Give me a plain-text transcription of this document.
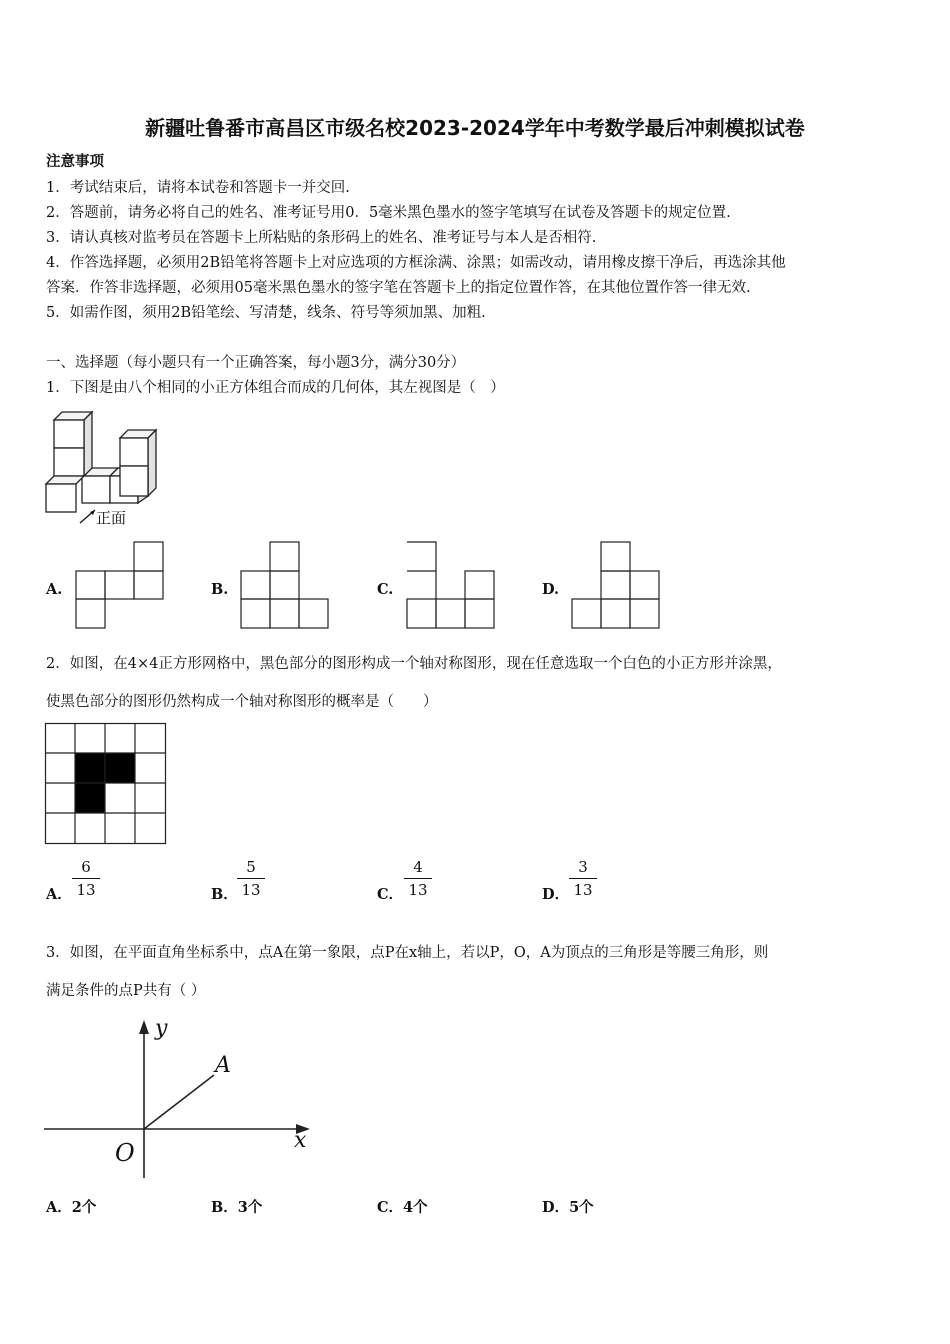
新疆吐鲁番市高昌区市级名校2023-2024学年中考数学最后冲刺模拟试卷
注意事项
1．考试结束后，请将本试卷和答题卡一并交回.
2．答题前，请务必将自己的姓名、准考证号用0．5毫米黑色墨水的签字笔填写在试卷及答题卡的规定位置.
3．请认真核对监考员在答题卡上所粘贴的条形码上的姓名、准考证号与本人是否相符.
4．作答选择题，必须用2B铅笔将答题卡上对应选项的方框涂满、涂黑；如需改动，请用橡皮擦干净后，再选涂其他
答案．作答非选择题，必须用05毫米黑色墨水的签字笔在答题卡上的指定位置作答，在其他位置作答一律无效.
5．如需作图，须用2B铅笔绘、写清楚，线条、符号等须加黑、加粗.
一、选择题（每小题只有一个正确答案，每小题3分，满分30分）
1．下图是由八个相同的小正方体组合而成的几何体，其左视图是（　）
正面
A.	B.	C.	D.
2．如图，在4×4正方形网格中，黑色部分的图形构成一个轴对称图形，现在任意选取一个白色的小正方形并涂黑，
使黑色部分的图形仍然构成一个轴对称图形的概率是（　　）
A．
6
13	B．
5
13	C．
4
13	D．
3
13
3．如图，在平面直角坐标系中，点A在第一象限，点P在x轴上，若以P，O，A为顶点的三角形是等腰三角形，则
满足条件的点P共有（ ）
y
x
O
A
A．2个	B．3个	C．4个	D．5个
